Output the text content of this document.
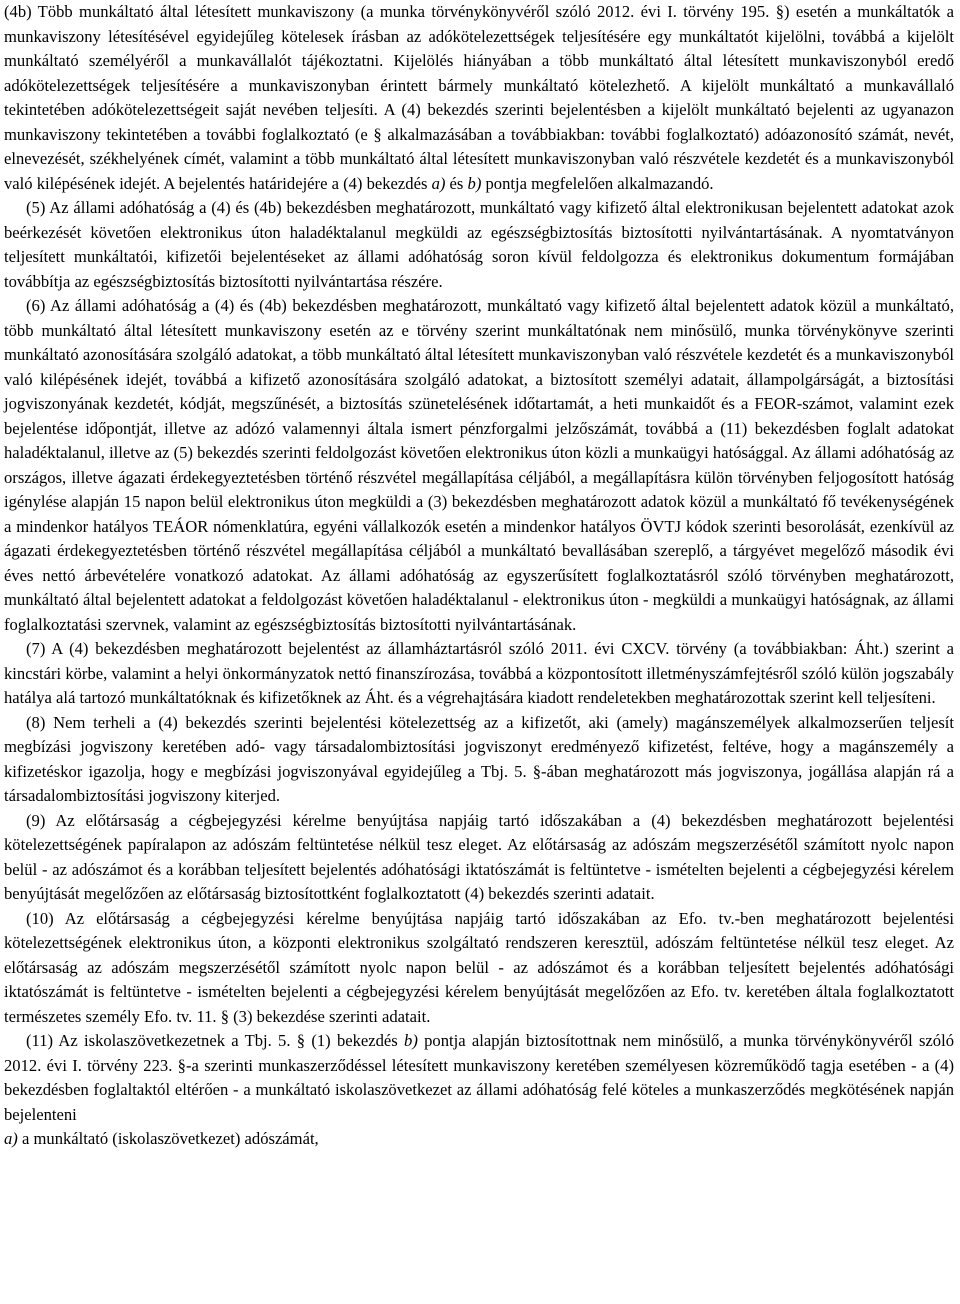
(4b) Több munkáltató által létesített munkaviszony (a munka törvénykönyvéről szóló 2012. évi I. törvény 195. §) esetén a munkáltatók a munkaviszony létesítésével egyidejűleg kötelesek írásban az adókötelezettségek teljesítésére egy munkáltatót kijelölni, továbbá a kijelölt munkáltató személyéről a munkavállalót tájékoztatni. Kijelölés hiányában a több munkáltató által létesített munkaviszonyból eredő adókötelezettségek teljesítésére a munkaviszonyban érintett bármely munkáltató kötelezhető. A kijelölt munkáltató a munkavállaló tekintetében adókötelezettségeit saját nevében teljesíti. A (4) bekezdés szerinti bejelentésben a kijelölt munkáltató bejelenti az ugyanazon munkaviszony tekintetében a további foglalkoztató (e § alkalmazásában a továbbiakban: további foglalkoztató) adóazonosító számát, nevét, elnevezését, székhelyének címét, valamint a több munkáltató által létesített munkaviszonyban való részvétele kezdetét és a munkaviszonyból való kilépésének idejét. A bejelentés határidejére a (4) bekezdés a) és b) pontja megfelelően alkalmazandó.

(5) Az állami adóhatóság a (4) és (4b) bekezdésben meghatározott, munkáltató vagy kifizető által elektronikusan bejelentett adatokat azok beérkezését követően elektronikus úton haladéktalanul megküldi az egészségbiztosítás biztosítotti nyilvántartásának. A nyomtatványon teljesített munkáltatói, kifizetői bejelentéseket az állami adóhatóság soron kívül feldolgozza és elektronikus dokumentum formájában továbbítja az egészségbiztosítás biztosítotti nyilvántartása részére.

(6) Az állami adóhatóság a (4) és (4b) bekezdésben meghatározott, munkáltató vagy kifizető által bejelentett adatok közül a munkáltató, több munkáltató által létesített munkaviszony esetén az e törvény szerint munkáltatónak nem minősülő, munka törvénykönyve szerinti munkáltató azonosítására szolgáló adatokat, a több munkáltató által létesített munkaviszonyban való részvétele kezdetét és a munkaviszonyból való kilépésének idejét, továbbá a kifizető azonosítására szolgáló adatokat, a biztosított személyi adatait, állampolgárságát, a biztosítási jogviszonyának kezdetét, kódját, megszűnését, a biztosítás szünetelésének időtartamát, a heti munkaidőt és a FEOR-számot, valamint ezek bejelentése időpontját, illetve az adózó valamennyi általa ismert pénzforgalmi jelzőszámát, továbbá a (11) bekezdésben foglalt adatokat haladéktalanul, illetve az (5) bekezdés szerinti feldolgozást követően elektronikus úton közli a munkaügyi hatósággal. Az állami adóhatóság az országos, illetve ágazati érdekegyeztetésben történő részvétel megállapítása céljából, a megállapításra külön törvényben feljogosított hatóság igénylése alapján 15 napon belül elektronikus úton megküldi a (3) bekezdésben meghatározott adatok közül a munkáltató fő tevékenységének a mindenkor hatályos TEÁOR nómenklatúra, egyéni vállalkozók esetén a mindenkor hatályos ÖVTJ kódok szerinti besorolását, ezenkívül az ágazati érdekegyeztetésben történő részvétel megállapítása céljából a munkáltató bevallásában szereplő, a tárgyévet megelőző második évi éves nettó árbevételére vonatkozó adatokat. Az állami adóhatóság az egyszerűsített foglalkoztatásról szóló törvényben meghatározott, munkáltató által bejelentett adatokat a feldolgozást követően haladéktalanul - elektronikus úton - megküldi a munkaügyi hatóságnak, az állami foglalkoztatási szervnek, valamint az egészségbiztosítás biztosítotti nyilvántartásának.

(7) A (4) bekezdésben meghatározott bejelentést az államháztartásról szóló 2011. évi CXCV. törvény (a továbbiakban: Áht.) szerint a kincstári körbe, valamint a helyi önkormányzatok nettó finanszírozása, továbbá a központosított illetményszámfejtésről szóló külön jogszabály hatálya alá tartozó munkáltatóknak és kifizetőknek az Áht. és a végrehajtására kiadott rendeletekben meghatározottak szerint kell teljesíteni.

(8) Nem terheli a (4) bekezdés szerinti bejelentési kötelezettség az a kifizetőt, aki (amely) magánszemélyek alkalmozserűen teljesít megbízási jogviszony keretében adó- vagy társadalombiztosítási jogviszonyt eredményező kifizetést, feltéve, hogy a magánszemély a kifizetéskor igazolja, hogy e megbízási jogviszonyával egyidejűleg a Tbj. 5. §-ában meghatározott más jogviszonya, jogállása alapján rá a társadalombiztosítási jogviszony kiterjed.

(9) Az előtársaság a cégbejegyzési kérelme benyújtása napjáig tartó időszakában a (4) bekezdésben meghatározott bejelentési kötelezettségének papíralapon az adószám feltüntetése nélkül tesz eleget. Az előtársaság az adószám megszerzésétől számított nyolc napon belül - az adószámot és a korábban teljesített bejelentés adóhatósági iktatószámát is feltüntetve - ismételten bejelenti a cégbejegyzési kérelem benyújtását megelőzően az előtársaság biztosítottként foglalkoztatott (4) bekezdés szerinti adatait.

(10) Az előtársaság a cégbejegyzési kérelme benyújtása napjáig tartó időszakában az Efo. tv.-ben meghatározott bejelentési kötelezettségének elektronikus úton, a központi elektronikus szolgáltató rendszeren keresztül, adószám feltüntetése nélkül tesz eleget. Az előtársaság az adószám megszerzésétől számított nyolc napon belül - az adószámot és a korábban teljesített bejelentés adóhatósági iktatószámát is feltüntetve - ismételten bejelenti a cégbejegyzési kérelem benyújtását megelőzően az Efo. tv. keretében általa foglalkoztatott természetes személy Efo. tv. 11. § (3) bekezdése szerinti adatait.

(11) Az iskolaszövetkezetnek a Tbj. 5. § (1) bekezdés b) pontja alapján biztosítottnak nem minősülő, a munka törvénykönyvéről szóló 2012. évi I. törvény 223. §-a szerinti munkaszerződéssel létesített munkaviszony keretében személyesen közreműködő tagja esetében - a (4) bekezdésben foglaltaktól eltérően - a munkáltató iskolaszövetkezet az állami adóhatóság felé köteles a munkaszerződés megkötésének napján bejelenteni

a) a munkáltató (iskolaszövetkezet) adószámát,
